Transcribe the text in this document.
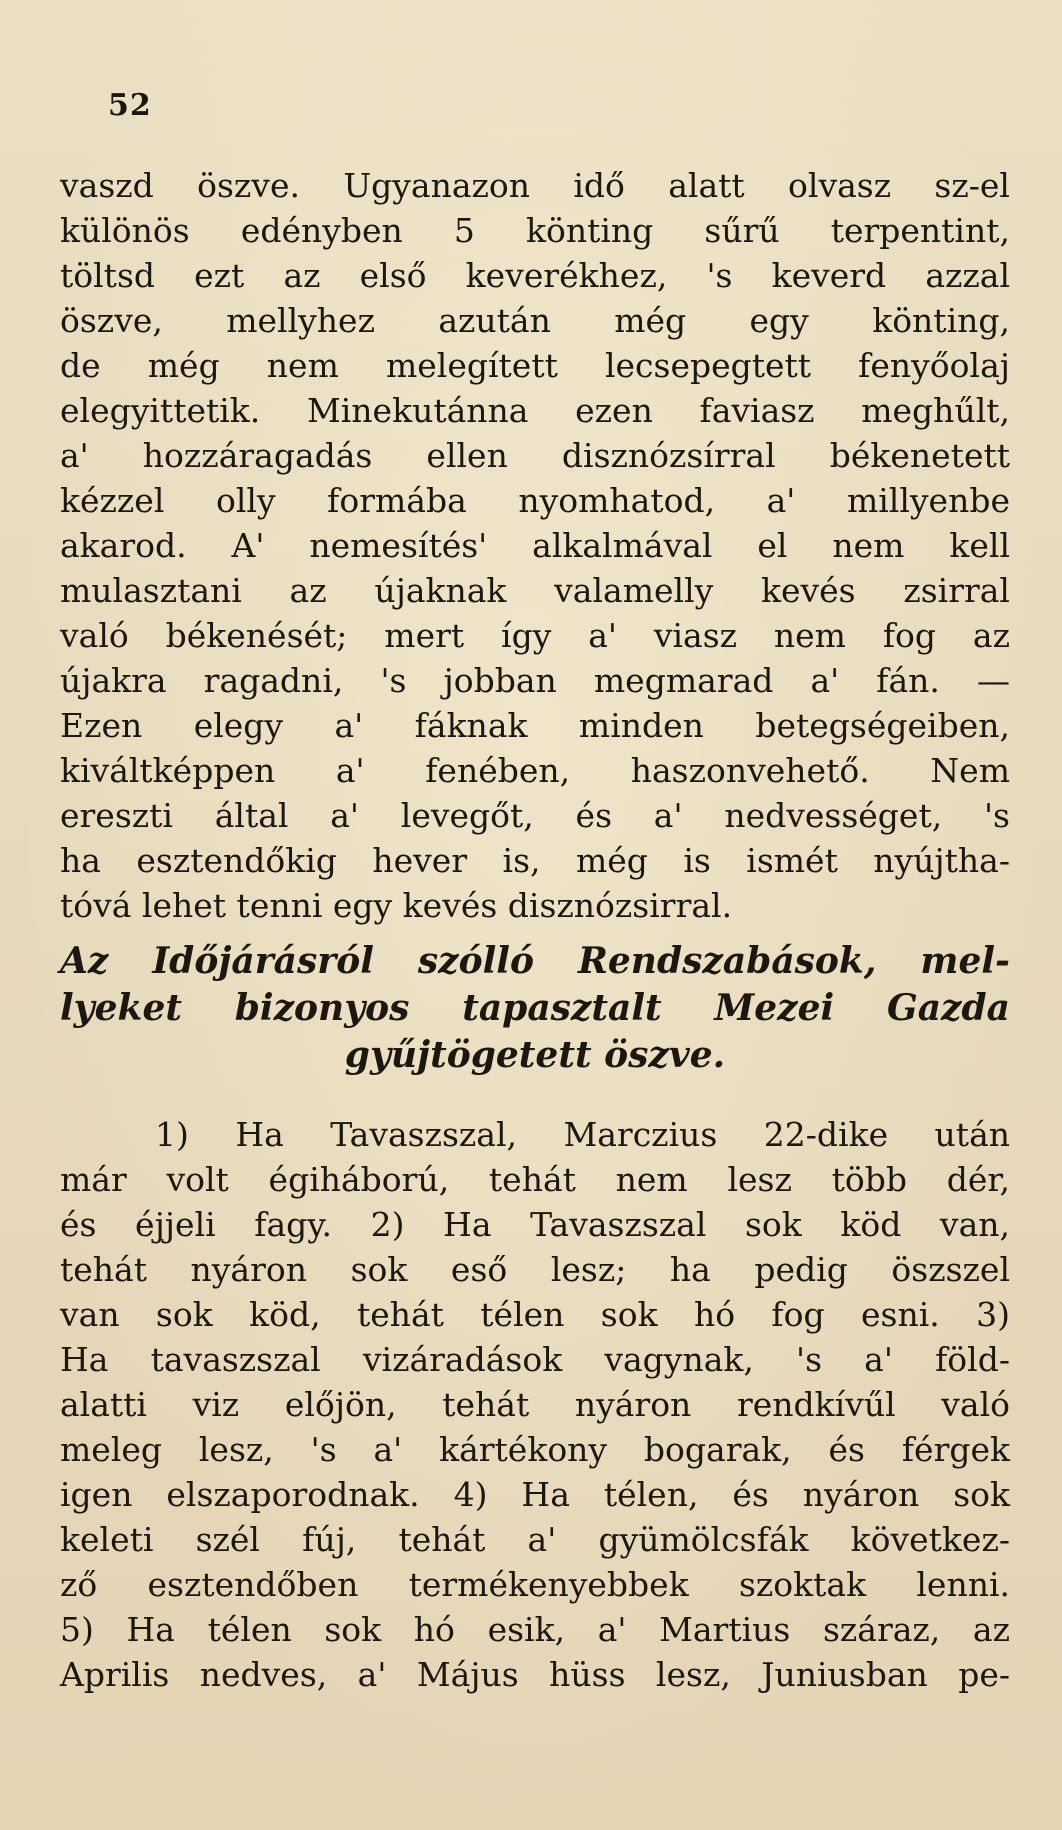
52
vaszd öszve. Ugyanazon idő alatt olvasz sz-el
különös edényben 5 könting sűrű terpentint,
töltsd ezt az első keverékhez, 's keverd azzal
öszve, mellyhez azután még egy könting,
de még nem melegített lecsepegtett fenyőolaj
elegyittetik. Minekutánna ezen faviasz meghűlt,
a' hozzáragadás ellen disznózsírral békenetett
kézzel olly formába nyomhatod, a' millyenbe
akarod. A' nemesítés' alkalmával el nem kell
mulasztani az újaknak valamelly kevés zsirral
való békenését; mert így a' viasz nem fog az
újakra ragadni, 's jobban megmarad a' fán. —
Ezen elegy a' fáknak minden betegségeiben,
kiváltképpen a' fenében, haszonvehető. Nem
ereszti által a' levegőt, és a' nedvességet, 's
ha esztendőkig hever is, még is ismét nyújtha-
tóvá lehet tenni egy kevés disznózsirral.
Az Időjárásról szólló Rendszabások, mel-
lyeket bizonyos tapasztalt Mezei Gazda
gyűjtögetett öszve.
1) Ha Tavaszszal, Marczius 22-dike után
már volt égiháború, tehát nem lesz több dér,
és éjjeli fagy. 2) Ha Tavaszszal sok köd van,
tehát nyáron sok eső lesz; ha pedig öszszel
van sok köd, tehát télen sok hó fog esni. 3)
Ha tavaszszal vizáradások vagynak, 's a' föld-
alatti viz előjön, tehát nyáron rendkívűl való
meleg lesz, 's a' kártékony bogarak, és férgek
igen elszaporodnak. 4) Ha télen, és nyáron sok
keleti szél fúj, tehát a' gyümölcsfák következ-
ző esztendőben termékenyebbek szoktak lenni.
5) Ha télen sok hó esik, a' Martius száraz, az
Aprilis nedves, a' Május hüss lesz, Juniusban pe-
